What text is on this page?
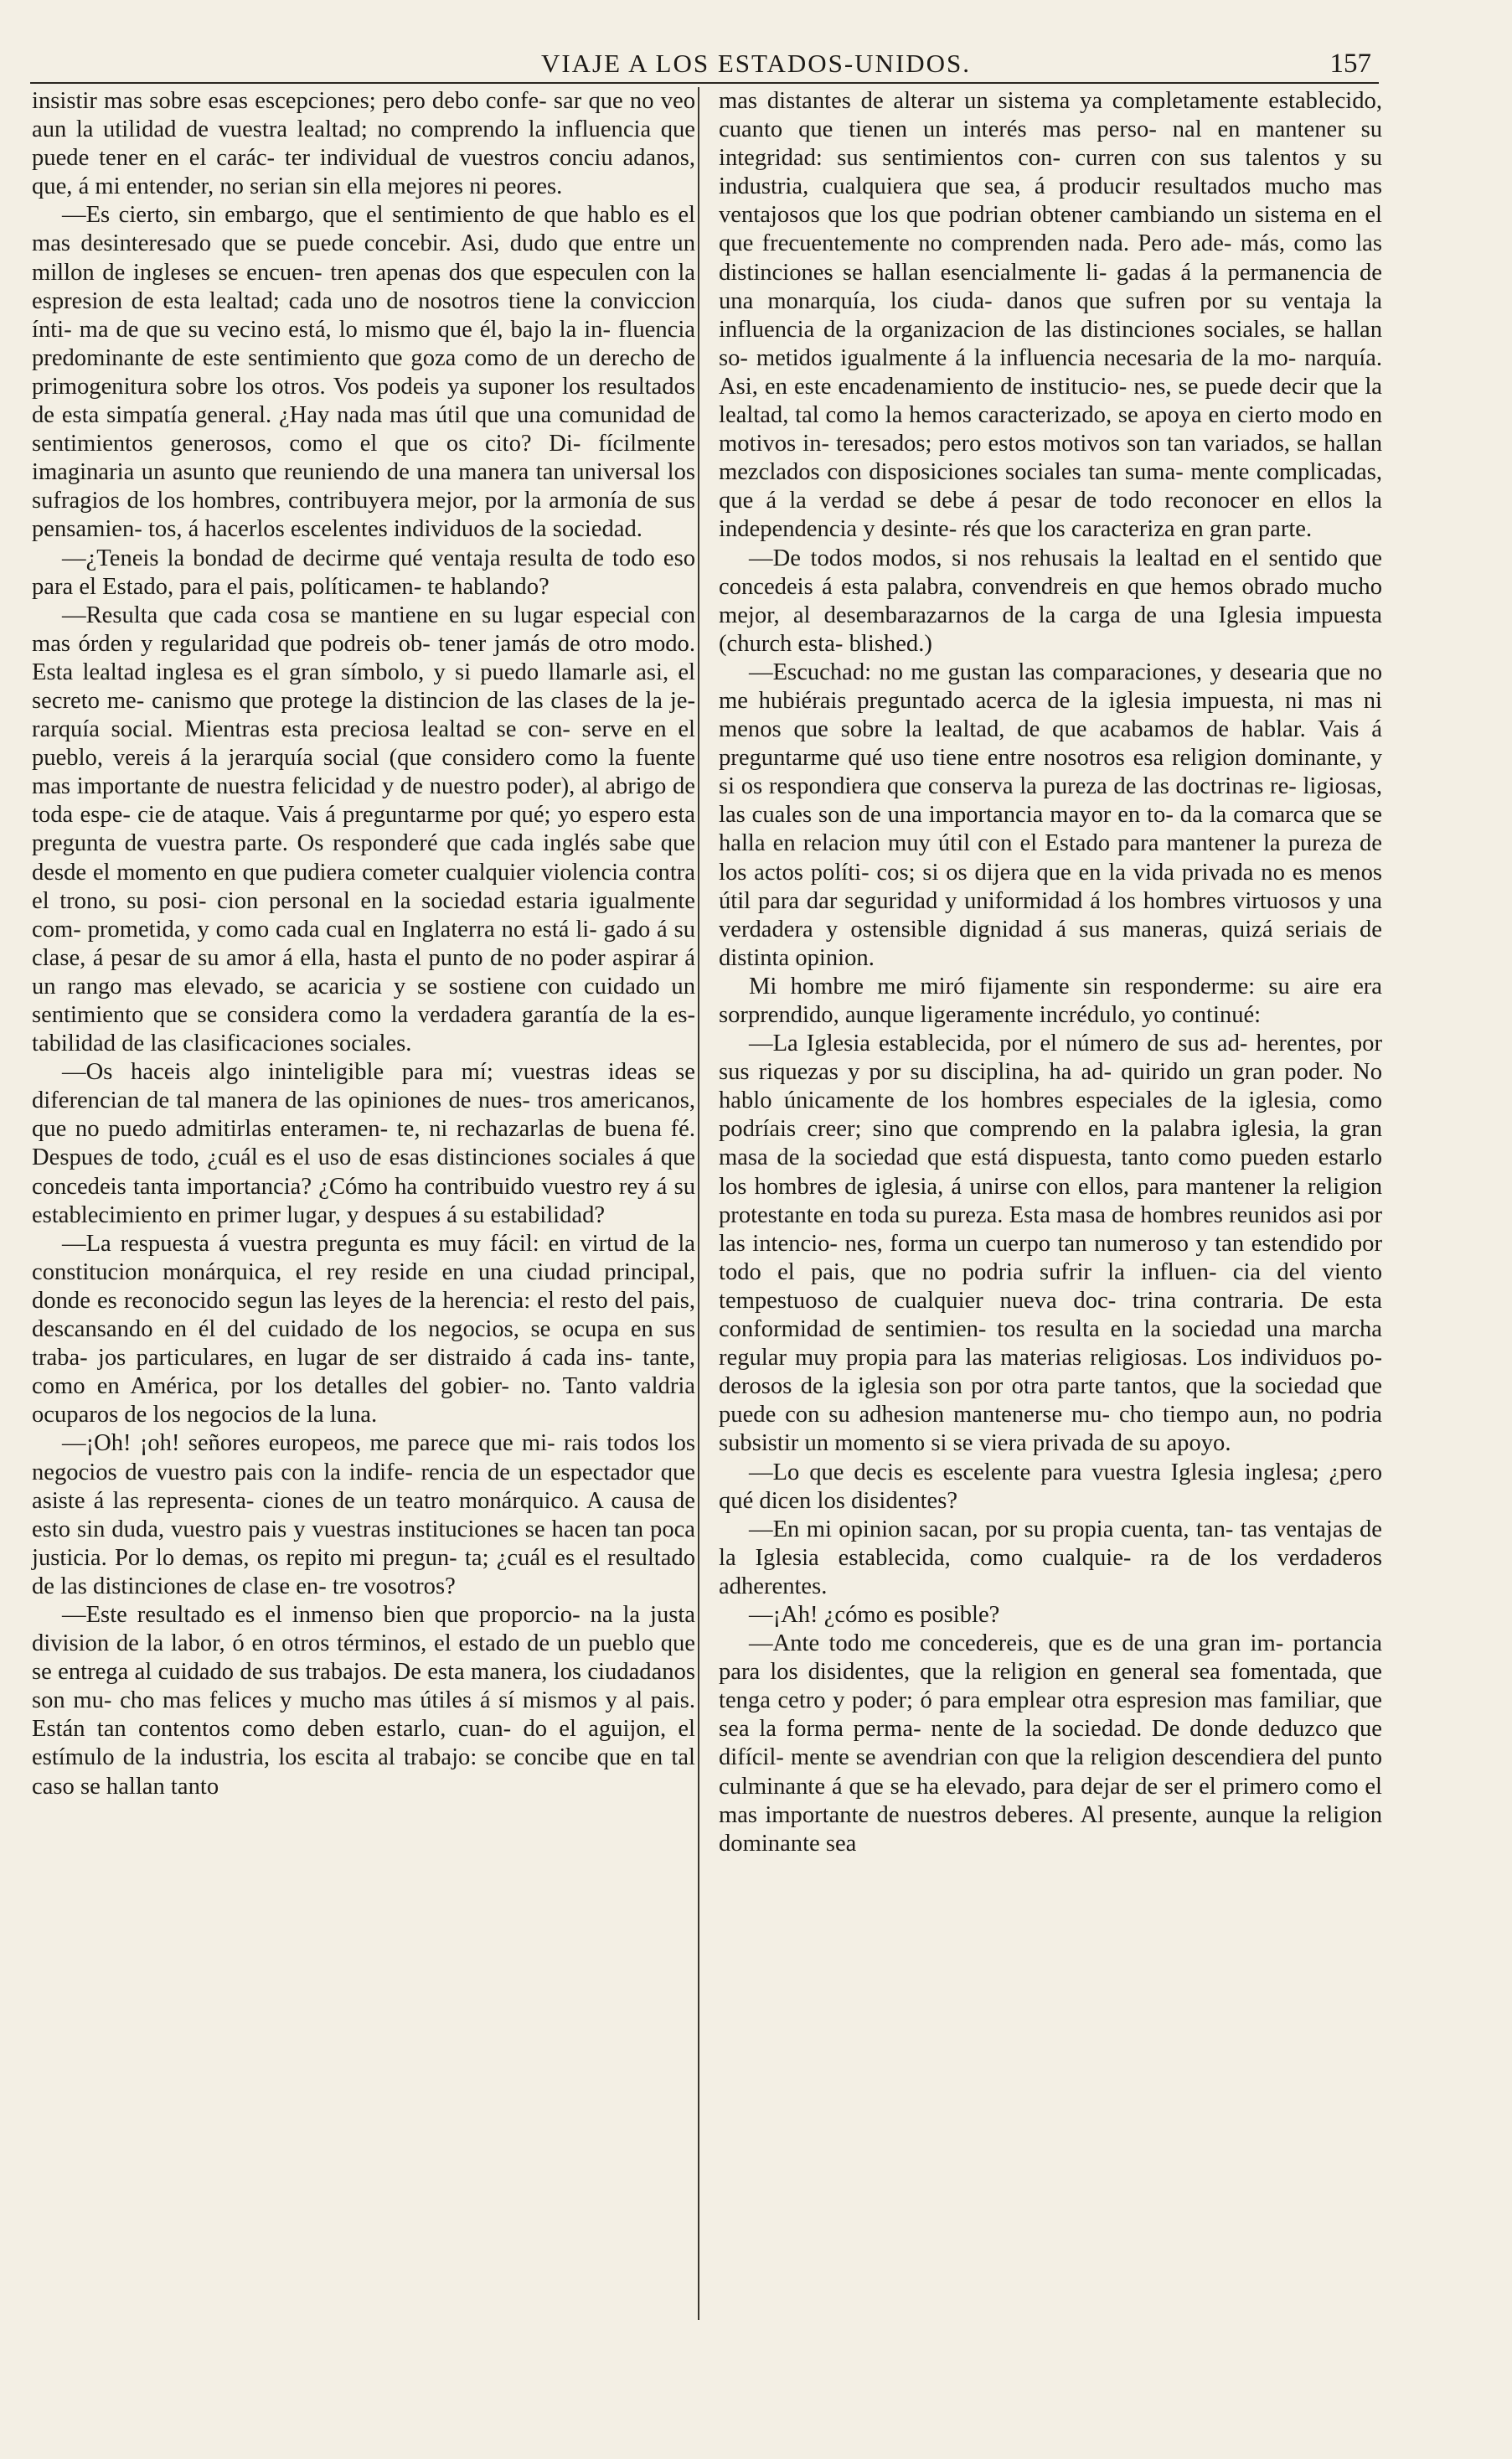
VIAJE A LOS ESTADOS-UNIDOS.	157

insistir mas sobre esas escepciones; pero debo confe- sar que no veo aun la utilidad de vuestra lealtad; no comprendo la influencia que puede tener en el carác- ter individual de vuestros conciu adanos, que, á mi entender, no serian sin ella mejores ni peores.

—Es cierto, sin embargo, que el sentimiento de que hablo es el mas desinteresado que se puede concebir. Asi, dudo que entre un millon de ingleses se encuen- tren apenas dos que especulen con la espresion de esta lealtad; cada uno de nosotros tiene la conviccion ínti- ma de que su vecino está, lo mismo que él, bajo la in- fluencia predominante de este sentimiento que goza como de un derecho de primogenitura sobre los otros. Vos podeis ya suponer los resultados de esta simpatía general. ¿Hay nada mas útil que una comunidad de sentimientos generosos, como el que os cito? Di- fícilmente imaginaria un asunto que reuniendo de una manera tan universal los sufragios de los hombres, contribuyera mejor, por la armonía de sus pensamien- tos, á hacerlos escelentes individuos de la sociedad.

—¿Teneis la bondad de decirme qué ventaja resulta de todo eso para el Estado, para el pais, políticamen- te hablando?

—Resulta que cada cosa se mantiene en su lugar especial con mas órden y regularidad que podreis ob- tener jamás de otro modo. Esta lealtad inglesa es el gran símbolo, y si puedo llamarle asi, el secreto me- canismo que protege la distincion de las clases de la je- rarquía social. Mientras esta preciosa lealtad se con- serve en el pueblo, vereis á la jerarquía social (que considero como la fuente mas importante de nuestra felicidad y de nuestro poder), al abrigo de toda espe- cie de ataque. Vais á preguntarme por qué; yo espero esta pregunta de vuestra parte. Os responderé que cada inglés sabe que desde el momento en que pudiera cometer cualquier violencia contra el trono, su posi- cion personal en la sociedad estaria igualmente com- prometida, y como cada cual en Inglaterra no está li- gado á su clase, á pesar de su amor á ella, hasta el punto de no poder aspirar á un rango mas elevado, se acaricia y se sostiene con cuidado un sentimiento que se considera como la verdadera garantía de la es- tabilidad de las clasificaciones sociales.

—Os haceis algo ininteligible para mí; vuestras ideas se diferencian de tal manera de las opiniones de nues- tros americanos, que no puedo admitirlas enteramen- te, ni rechazarlas de buena fé. Despues de todo, ¿cuál es el uso de esas distinciones sociales á que concedeis tanta importancia? ¿Cómo ha contribuido vuestro rey á su establecimiento en primer lugar, y despues á su estabilidad?

—La respuesta á vuestra pregunta es muy fácil: en virtud de la constitucion monárquica, el rey reside en una ciudad principal, donde es reconocido segun las leyes de la herencia: el resto del pais, descansando en él del cuidado de los negocios, se ocupa en sus traba- jos particulares, en lugar de ser distraido á cada ins- tante, como en América, por los detalles del gobier- no. Tanto valdria ocuparos de los negocios de la luna.

—¡Oh! ¡oh! señores europeos, me parece que mi- rais todos los negocios de vuestro pais con la indife- rencia de un espectador que asiste á las representa- ciones de un teatro monárquico. A causa de esto sin duda, vuestro pais y vuestras instituciones se hacen tan poca justicia. Por lo demas, os repito mi pregun- ta; ¿cuál es el resultado de las distinciones de clase en- tre vosotros?

—Este resultado es el inmenso bien que proporcio- na la justa division de la labor, ó en otros términos, el estado de un pueblo que se entrega al cuidado de sus trabajos. De esta manera, los ciudadanos son mu- cho mas felices y mucho mas útiles á sí mismos y al pais. Están tan contentos como deben estarlo, cuan- do el aguijon, el estímulo de la industria, los escita al trabajo: se concibe que en tal caso se hallan tanto

mas distantes de alterar un sistema ya completamente establecido, cuanto que tienen un interés mas perso- nal en mantener su integridad: sus sentimientos con- curren con sus talentos y su industria, cualquiera que sea, á producir resultados mucho mas ventajosos que los que podrian obtener cambiando un sistema en el que frecuentemente no comprenden nada. Pero ade- más, como las distinciones se hallan esencialmente li- gadas á la permanencia de una monarquía, los ciuda- danos que sufren por su ventaja la influencia de la organizacion de las distinciones sociales, se hallan so- metidos igualmente á la influencia necesaria de la mo- narquía. Asi, en este encadenamiento de institucio- nes, se puede decir que la lealtad, tal como la hemos caracterizado, se apoya en cierto modo en motivos in- teresados; pero estos motivos son tan variados, se hallan mezclados con disposiciones sociales tan suma- mente complicadas, que á la verdad se debe á pesar de todo reconocer en ellos la independencia y desinte- rés que los caracteriza en gran parte.

—De todos modos, si nos rehusais la lealtad en el sentido que concedeis á esta palabra, convendreis en que hemos obrado mucho mejor, al desembarazarnos de la carga de una Iglesia impuesta (church esta- blished.)

—Escuchad: no me gustan las comparaciones, y desearia que no me hubiérais preguntado acerca de la iglesia impuesta, ni mas ni menos que sobre la lealtad, de que acabamos de hablar. Vais á preguntarme qué uso tiene entre nosotros esa religion dominante, y si os respondiera que conserva la pureza de las doctrinas re- ligiosas, las cuales son de una importancia mayor en to- da la comarca que se halla en relacion muy útil con el Estado para mantener la pureza de los actos políti- cos; si os dijera que en la vida privada no es menos útil para dar seguridad y uniformidad á los hombres virtuosos y una verdadera y ostensible dignidad á sus maneras, quizá seriais de distinta opinion.

Mi hombre me miró fijamente sin responderme: su aire era sorprendido, aunque ligeramente incrédulo, yo continué:

—La Iglesia establecida, por el número de sus ad- herentes, por sus riquezas y por su disciplina, ha ad- quirido un gran poder. No hablo únicamente de los hombres especiales de la iglesia, como podríais creer; sino que comprendo en la palabra iglesia, la gran masa de la sociedad que está dispuesta, tanto como pueden estarlo los hombres de iglesia, á unirse con ellos, para mantener la religion protestante en toda su pureza. Esta masa de hombres reunidos asi por las intencio- nes, forma un cuerpo tan numeroso y tan estendido por todo el pais, que no podria sufrir la influen- cia del viento tempestuoso de cualquier nueva doc- trina contraria. De esta conformidad de sentimien- tos resulta en la sociedad una marcha regular muy propia para las materias religiosas. Los individuos po- derosos de la iglesia son por otra parte tantos, que la sociedad que puede con su adhesion mantenerse mu- cho tiempo aun, no podria subsistir un momento si se viera privada de su apoyo.

—Lo que decis es escelente para vuestra Iglesia inglesa; ¿pero qué dicen los disidentes?

—En mi opinion sacan, por su propia cuenta, tan- tas ventajas de la Iglesia establecida, como cualquie- ra de los verdaderos adherentes.

—¡Ah! ¿cómo es posible?

—Ante todo me concedereis, que es de una gran im- portancia para los disidentes, que la religion en general sea fomentada, que tenga cetro y poder; ó para emplear otra espresion mas familiar, que sea la forma perma- nente de la sociedad. De donde deduzco que difícil- mente se avendrian con que la religion descendiera del punto culminante á que se ha elevado, para dejar de ser el primero como el mas importante de nuestros deberes. Al presente, aunque la religion dominante sea
